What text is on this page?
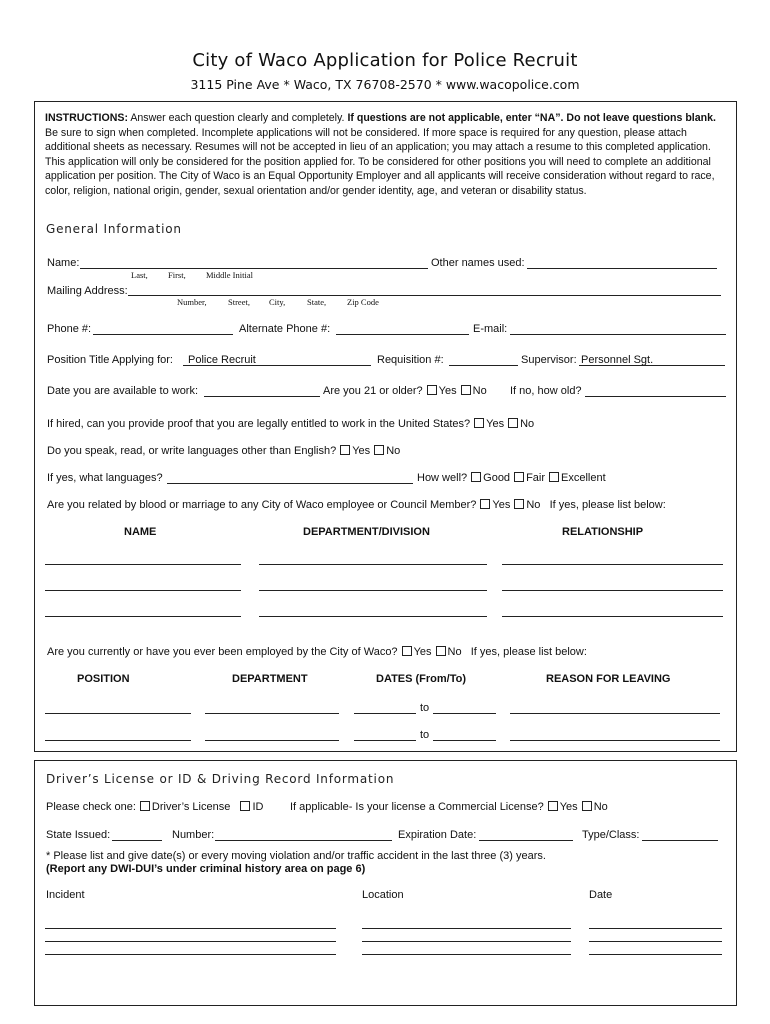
City of Waco Application for Police Recruit
3115 Pine Ave * Waco, TX 76708-2570 * www.wacopolice.com
INSTRUCTIONS: Answer each question clearly and completely. If questions are not applicable, enter “NA”. Do not leave questions blank. Be sure to sign when completed. Incomplete applications will not be considered. If more space is required for any question, please attach additional sheets as necessary. Resumes will not be accepted in lieu of an application; you may attach a resume to this completed application. This application will only be considered for the position applied for. To be considered for other positions you will need to complete an additional application per position. The City of Waco is an Equal Opportunity Employer and all applicants will receive consideration without regard to race, color, religion, national origin, gender, sexual orientation and/or gender identity, age, and veteran or disability status.
General Information
Name:	Other names used:
Last, First, Middle Initial
Mailing Address:
Number,	Street, City,	State, Zip Code
Phone #:	Alternate Phone #:	E-mail:
Position Title Applying for: Police Recruit	Requisition #:	Supervisor: Personnel Sgt.
Date you are available to work:	Are you 21 or older? Yes No If no, how old?
If hired, can you provide proof that you are legally entitled to work in the United States? Yes No
Do you speak, read, or write languages other than English? Yes No
If yes, what languages?	How well? Good Fair Excellent
Are you related by blood or marriage to any City of Waco employee or Council Member? Yes No If yes, please list below:
NAME	DEPARTMENT/DIVISION	RELATIONSHIP
Are you currently or have you ever been employed by the City of Waco? Yes No If yes, please list below:
POSITION	DEPARTMENT	DATES (From/To)	REASON FOR LEAVING
to
to
Driver’s License or ID & Driving Record Information
Please check one: Driver’s License ID If applicable- Is your license a Commercial License? Yes No
State Issued:	Number:	Expiration Date:	Type/Class:
* Please list and give date(s) or every moving violation and/or traffic accident in the last three (3) years.
(Report any DWI-DUI’s under criminal history area on page 6)
Incident	Location	Date
